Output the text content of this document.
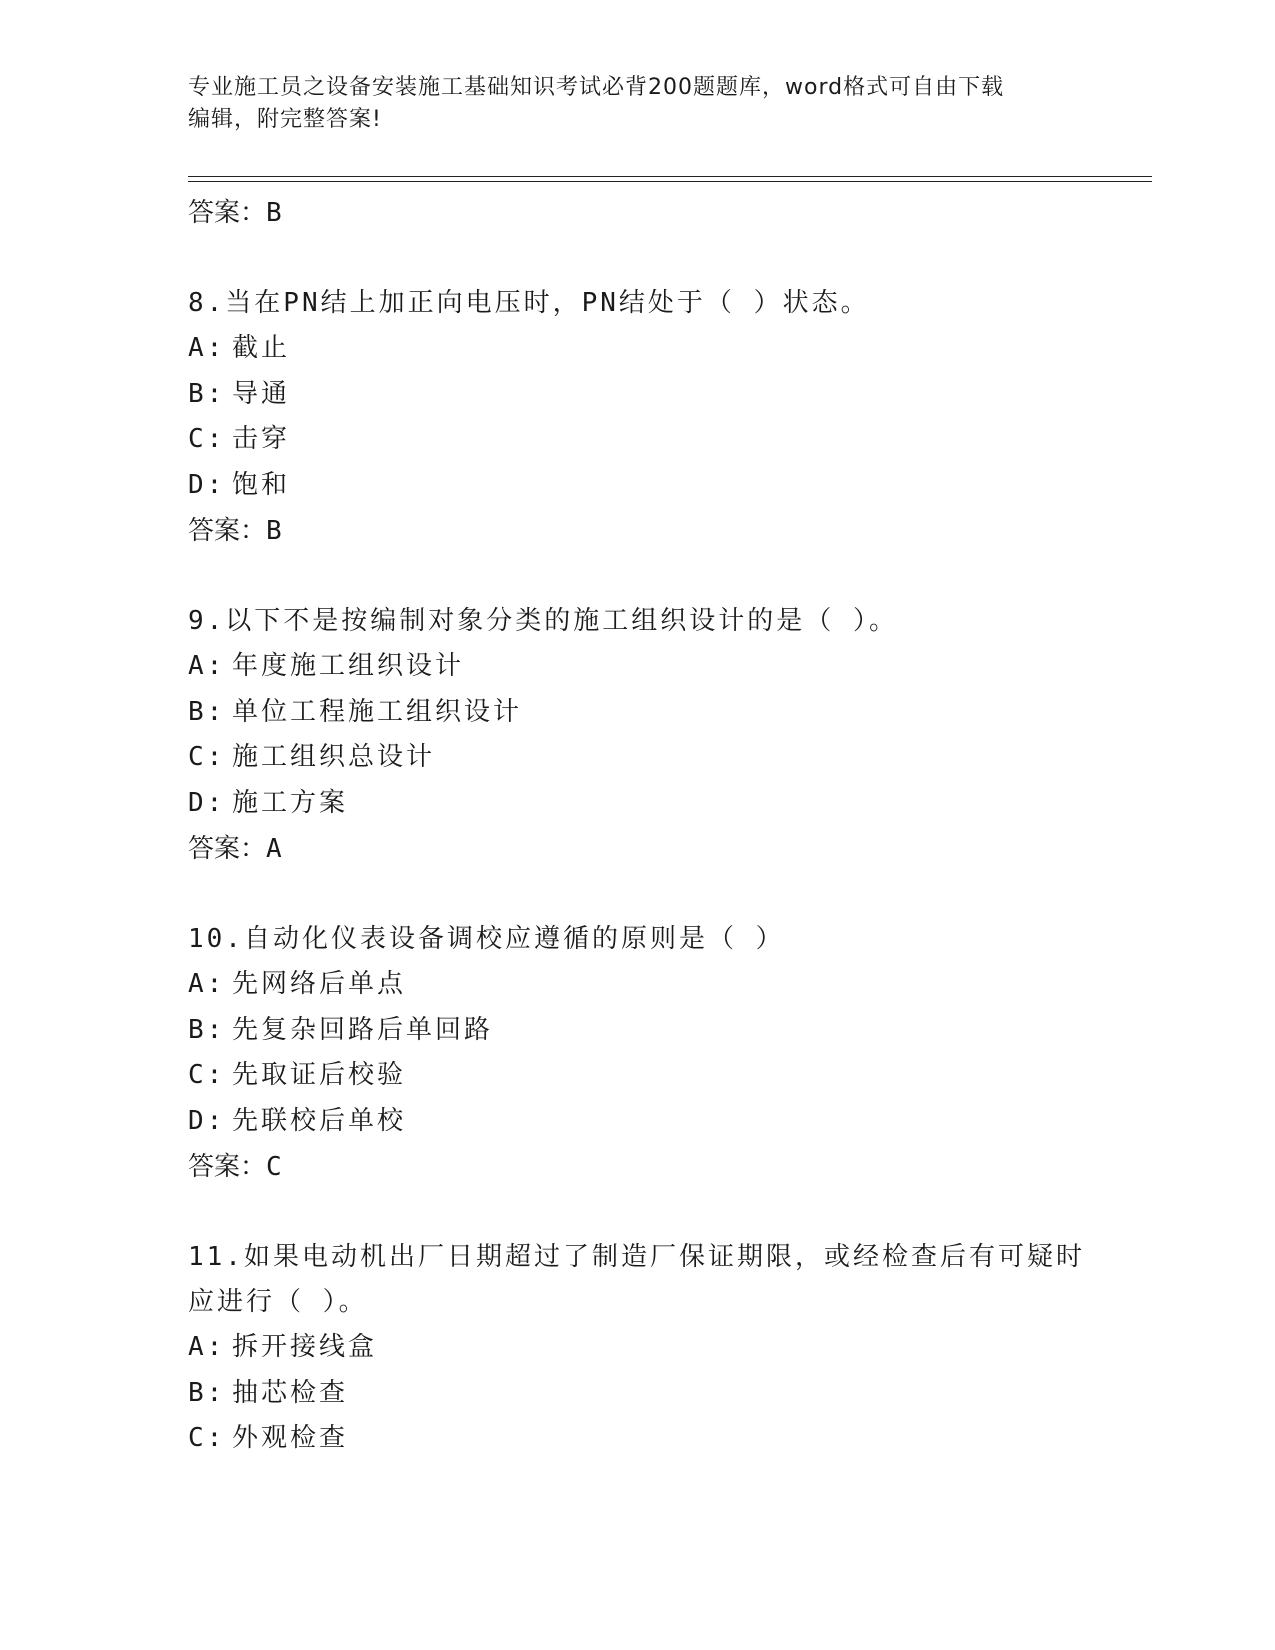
专业施工员之设备安装施工基础知识考试必背200题题库，word格式可自由下载
编辑，附完整答案!
答案：B
8.当在PN结上加正向电压时，PN结处于（ ）状态。
A: 截止
B: 导通
C: 击穿
D: 饱和
答案：B
9.以下不是按编制对象分类的施工组织设计的是（ ）。
A: 年度施工组织设计
B: 单位工程施工组织设计
C: 施工组织总设计
D: 施工方案
答案：A
10.自动化仪表设备调校应遵循的原则是（ ）
A: 先网络后单点
B: 先复杂回路后单回路
C: 先取证后校验
D: 先联校后单校
答案：C
11.如果电动机出厂日期超过了制造厂保证期限，或经检查后有可疑时
应进行（ ）。
A: 拆开接线盒
B: 抽芯检查
C: 外观检查
